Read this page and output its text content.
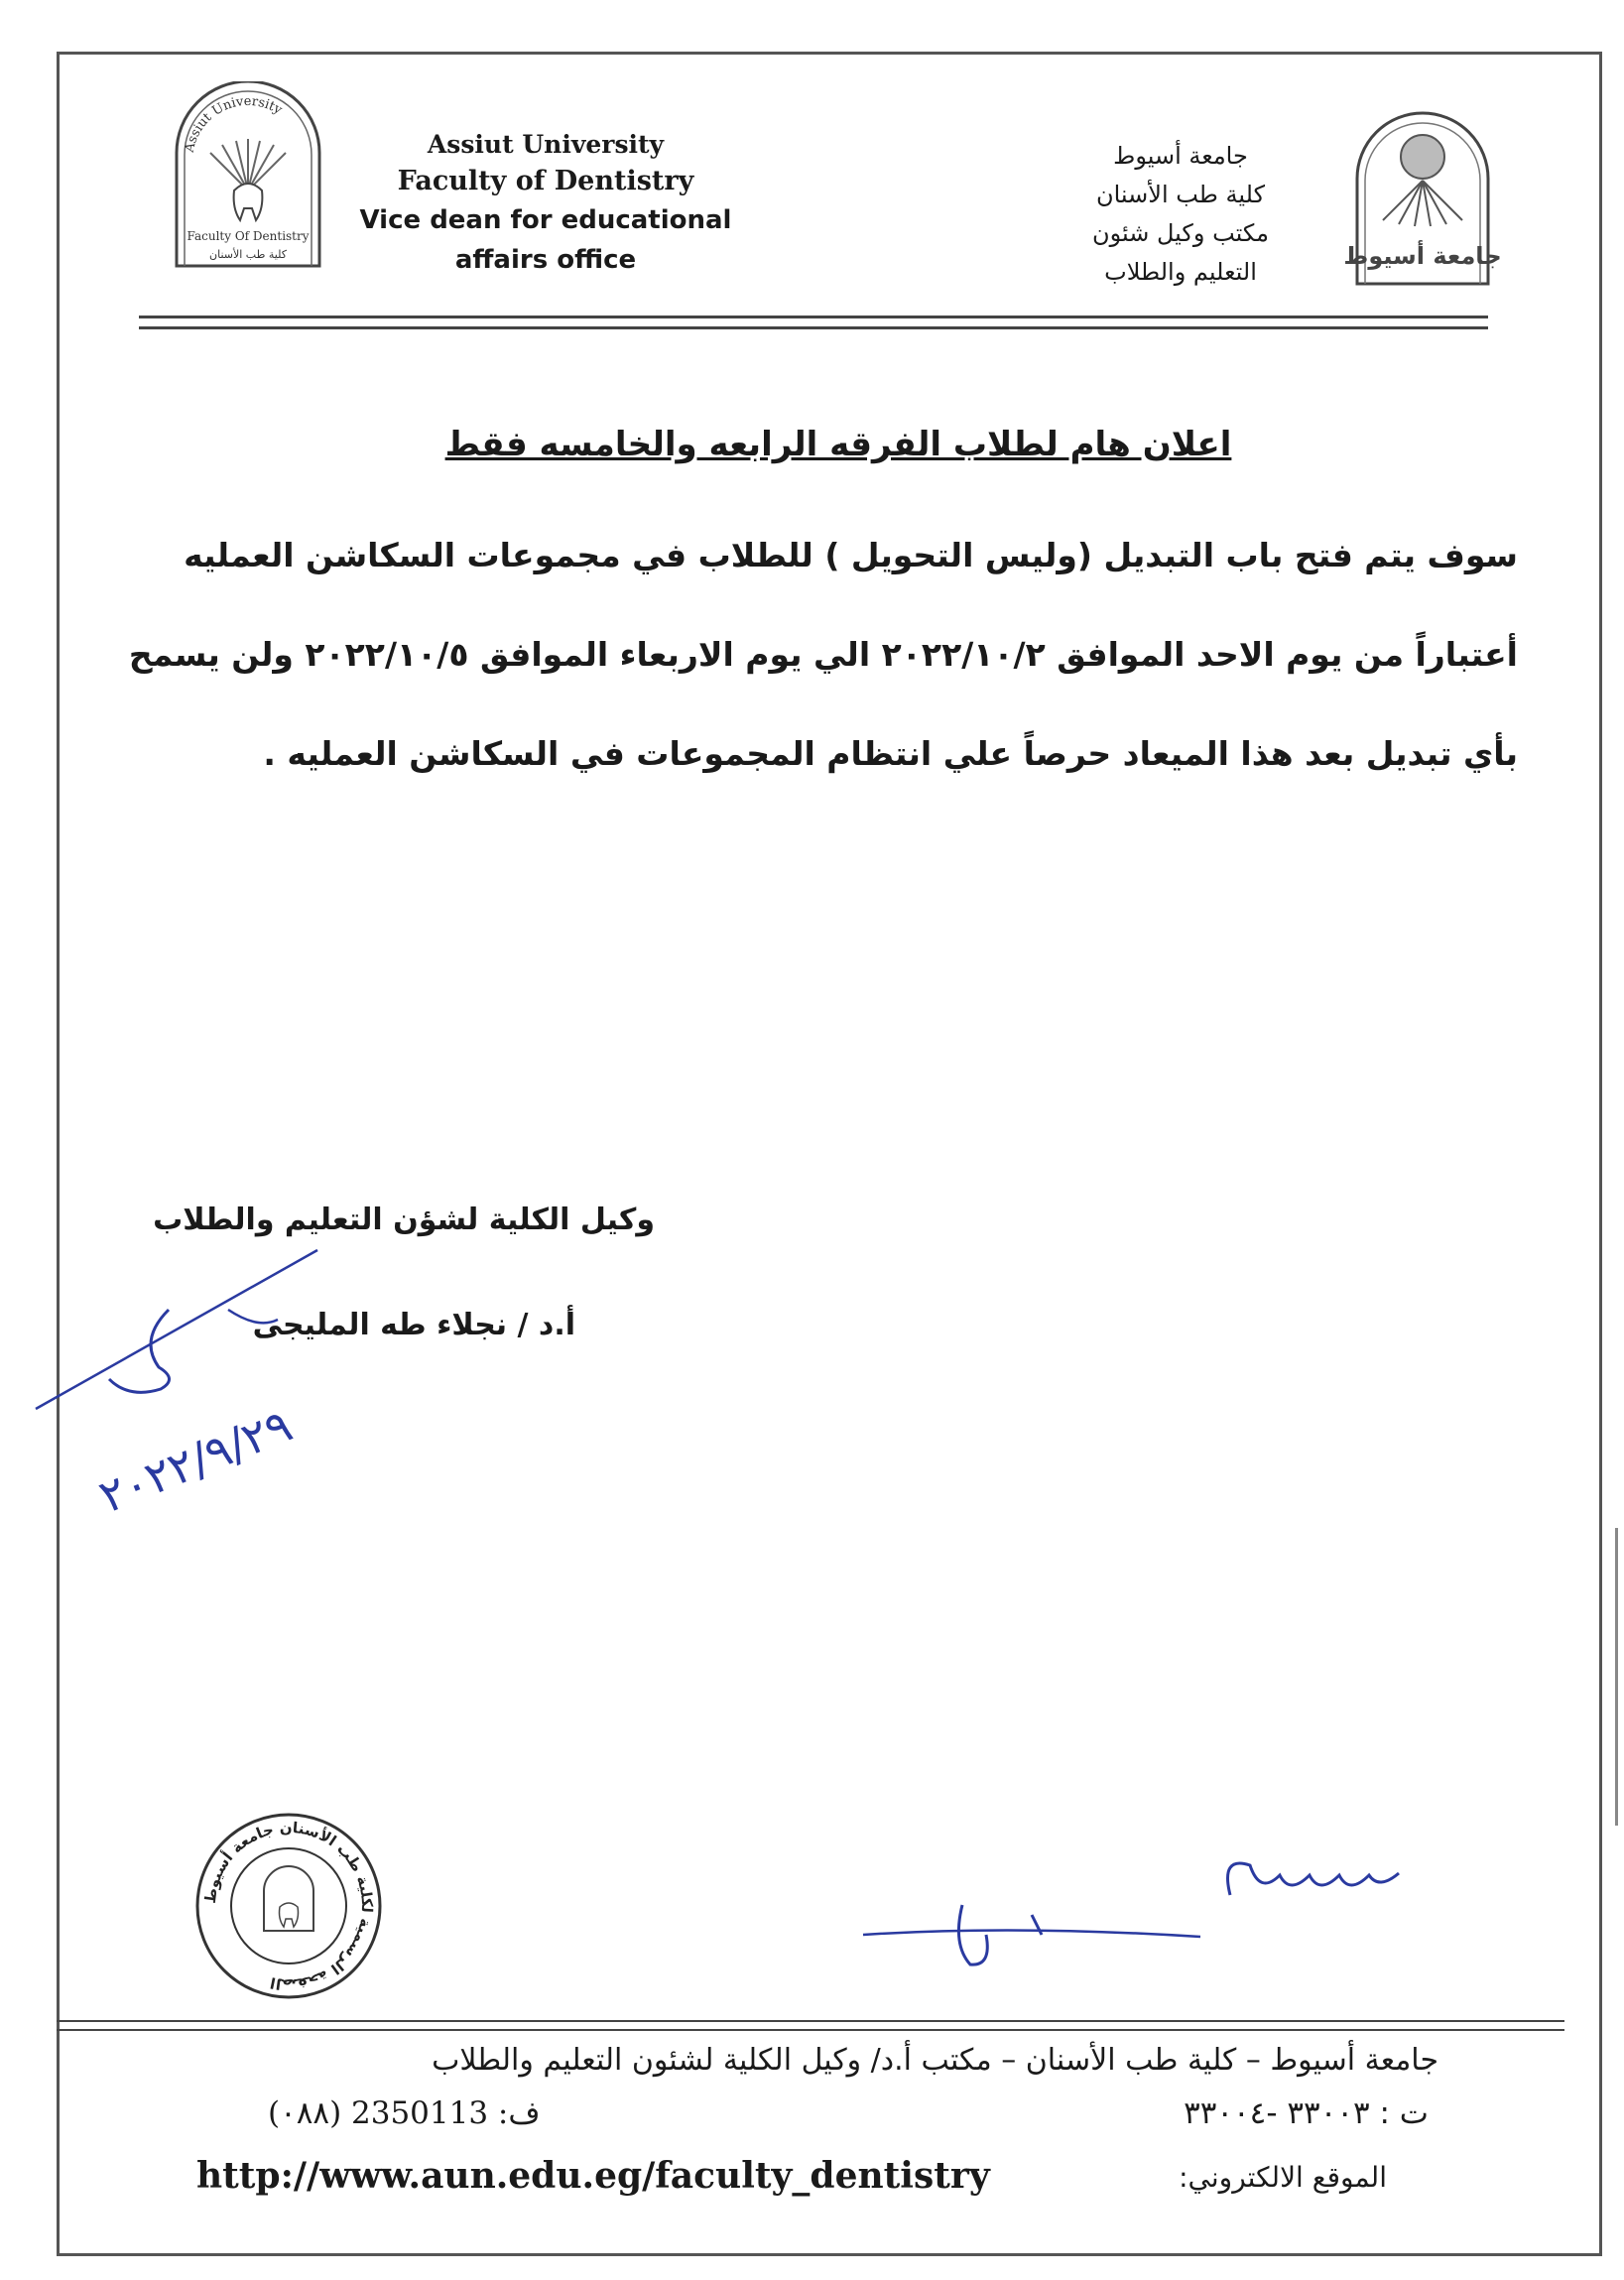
Assiut University
Faculty Of Dentistry
كلية طب الأسنان
Assiut University
Faculty of Dentistry
Vice dean for educational
affairs office
جامعة أسيوط
كلية طب الأسنان
مكتب وكيل شئون
التعليم والطلاب
جامعة أسيوط
اعلان هام لطلاب الفرقه الرابعه والخامسه فقط
سوف يتم فتح باب التبديل (وليس التحويل ) للطلاب في مجموعات السكاشن العمليه
أعتباراً من يوم الاحد الموافق ٢٠٢٢/١٠/٢ الي يوم الاربعاء الموافق ٢٠٢٢/١٠/٥ ولن يسمح
بأي تبديل بعد هذا الميعاد حرصاً علي انتظام المجموعات في السكاشن العمليه .
وكيل الكلية لشؤن التعليم والطلاب
أ.د / نجلاء طه المليجى
٢٠٢٢/٩/٢٩
الصفحة الرسمية لكلية طب الأسنان جامعة أسيوط
جامعة أسيوط – كلية طب الأسنان – مكتب أ.د/ وكيل الكلية لشئون التعليم والطلاب
ت : ٣٣٠٠٣ -٣٣٠٠٤
ف: 2350113 (٠٨٨)
http://www.aun.edu.eg/faculty_dentistry	الموقع الالكتروني:
